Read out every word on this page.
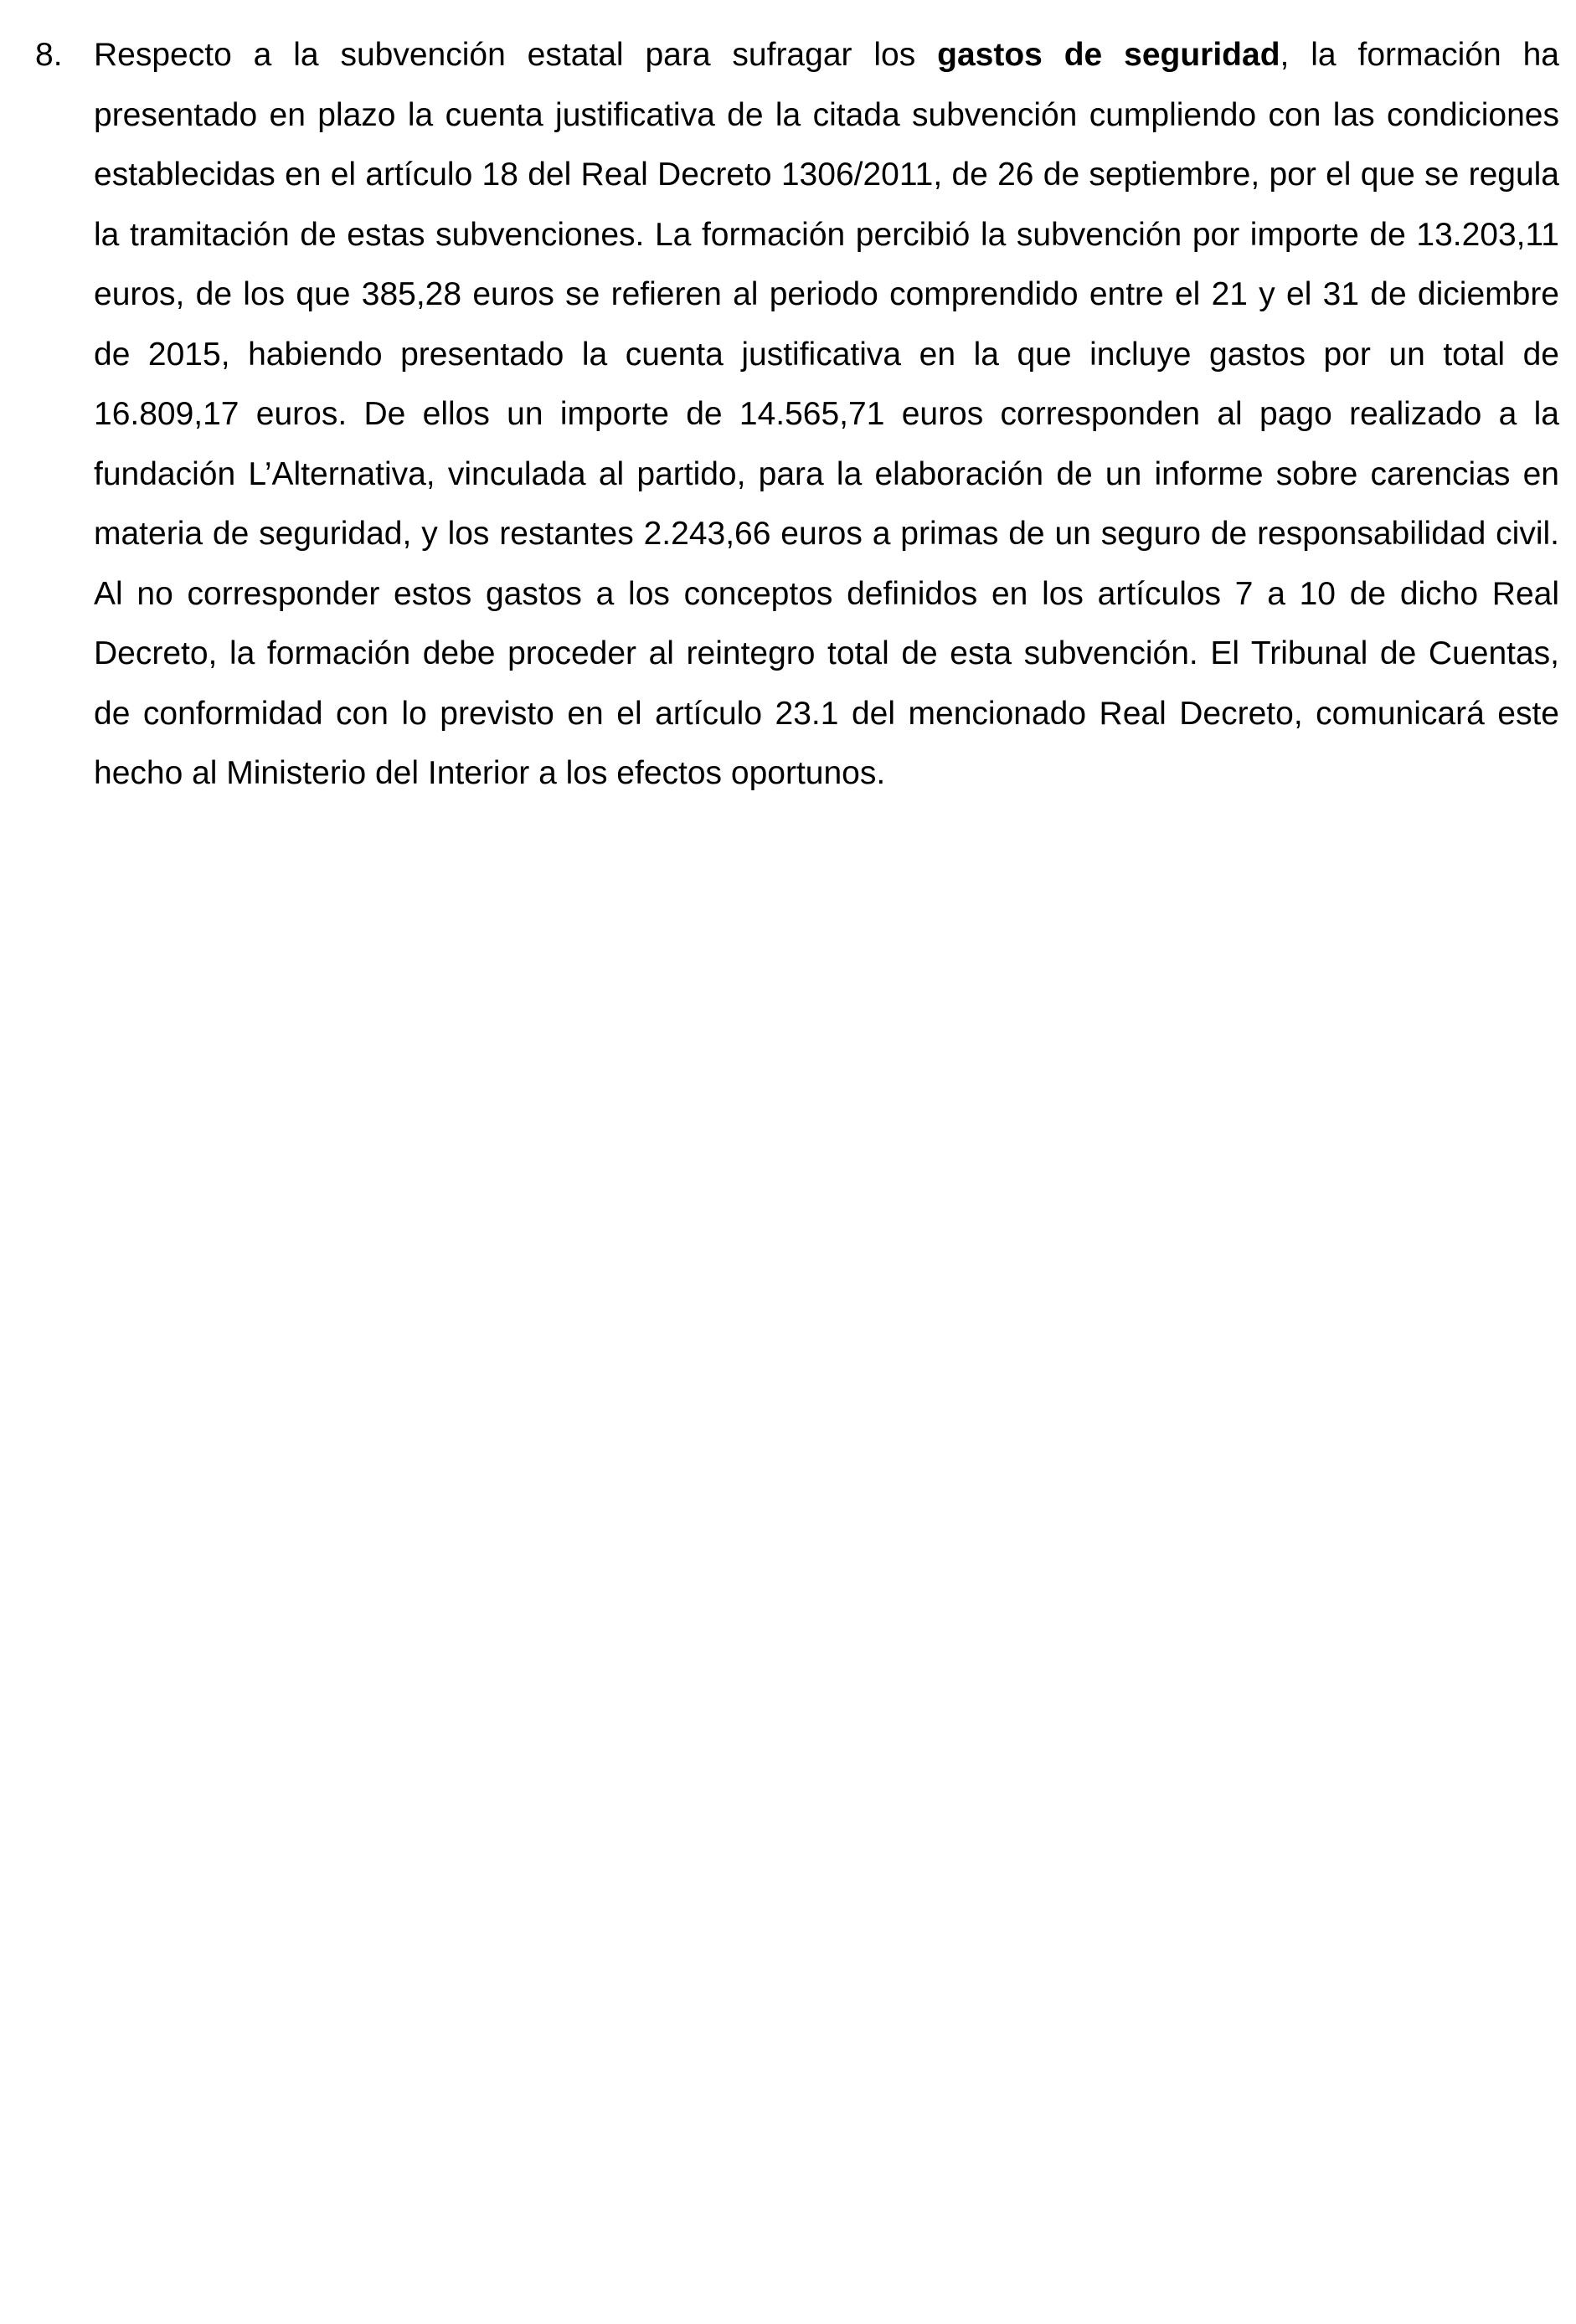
8. Respecto a la subvención estatal para sufragar los gastos de seguridad, la formación ha presentado en plazo la cuenta justificativa de la citada subvención cumpliendo con las condiciones establecidas en el artículo 18 del Real Decreto 1306/2011, de 26 de septiembre, por el que se regula la tramitación de estas subvenciones. La formación percibió la subvención por importe de 13.203,11 euros, de los que 385,28 euros se refieren al periodo comprendido entre el 21 y el 31 de diciembre de 2015, habiendo presentado la cuenta justificativa en la que incluye gastos por un total de 16.809,17 euros. De ellos un importe de 14.565,71 euros corresponden al pago realizado a la fundación L’Alternativa, vinculada al partido, para la elaboración de un informe sobre carencias en materia de seguridad, y los restantes 2.243,66 euros a primas de un seguro de responsabilidad civil. Al no corresponder estos gastos a los conceptos definidos en los artículos 7 a 10 de dicho Real Decreto, la formación debe proceder al reintegro total de esta subvención. El Tribunal de Cuentas, de conformidad con lo previsto en el artículo 23.1 del mencionado Real Decreto, comunicará este hecho al Ministerio del Interior a los efectos oportunos.
